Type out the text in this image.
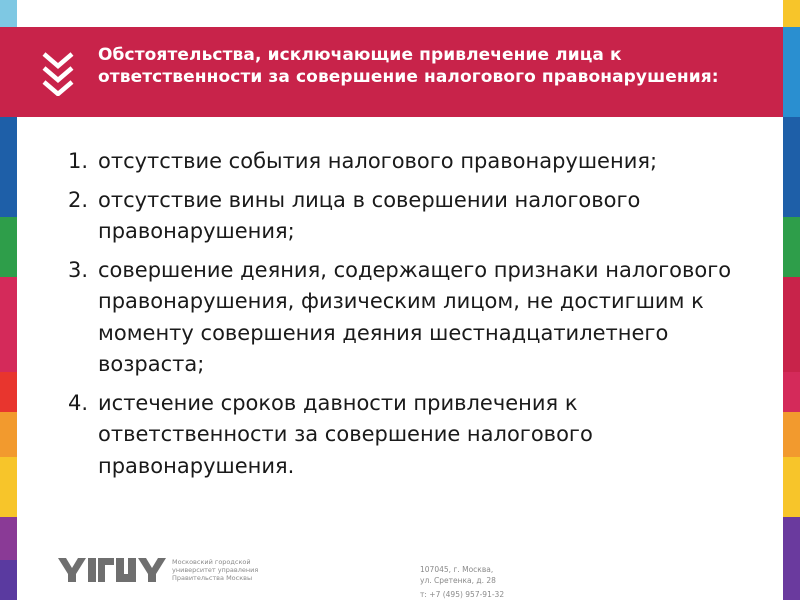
Обстоятельства, исключающие привлечение лица к ответственности за совершение налогового правонарушения:
1. отсутствие события налогового правонарушения;
2. отсутствие вины лица в совершении налогового правонарушения;
3. совершение деяния, содержащего признаки налогового правонарушения, физическим лицом, не достигшим к моменту совершения деяния шестнадцатилетнего возраста;
4. истечение сроков давности привлечения к ответственности за совершение налогового правонарушения.
Московский городской
университет управления
Правительства Москвы
107045, г. Москва,
ул. Сретенка, д. 28
т: +7 (495) 957-91-32
